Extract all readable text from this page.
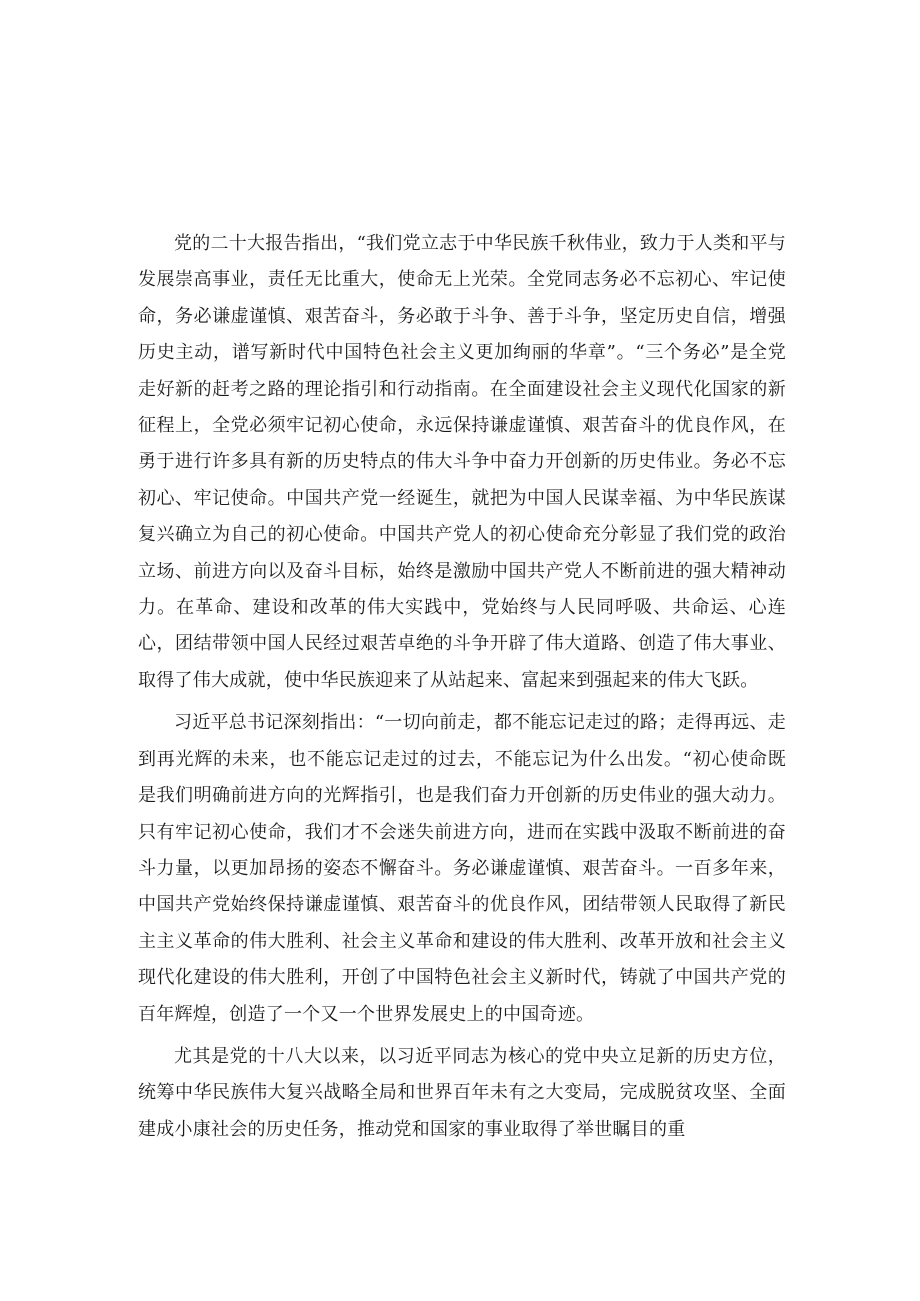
党的二十大报告指出，“我们党立志于中华民族千秋伟业，致力于人类和平与发展崇高事业，责任无比重大，使命无上光荣。全党同志务必不忘初心、牢记使命，务必谦虚谨慎、艰苦奋斗，务必敢于斗争、善于斗争，坚定历史自信，增强历史主动，谱写新时代中国特色社会主义更加绚丽的华章”。“三个务必”是全党走好新的赶考之路的理论指引和行动指南。在全面建设社会主义现代化国家的新征程上，全党必须牢记初心使命，永远保持谦虚谨慎、艰苦奋斗的优良作风，在勇于进行许多具有新的历史特点的伟大斗争中奋力开创新的历史伟业。务必不忘初心、牢记使命。中国共产党一经诞生，就把为中国人民谋幸福、为中华民族谋复兴确立为自己的初心使命。中国共产党人的初心使命充分彰显了我们党的政治立场、前进方向以及奋斗目标，始终是激励中国共产党人不断前进的强大精神动力。在革命、建设和改革的伟大实践中，党始终与人民同呼吸、共命运、心连心，团结带领中国人民经过艰苦卓绝的斗争开辟了伟大道路、创造了伟大事业、取得了伟大成就，使中华民族迎来了从站起来、富起来到强起来的伟大飞跃。

习近平总书记深刻指出：“一切向前走，都不能忘记走过的路；走得再远、走到再光辉的未来，也不能忘记走过的过去，不能忘记为什么出发。“初心使命既是我们明确前进方向的光辉指引，也是我们奋力开创新的历史伟业的强大动力。只有牢记初心使命，我们才不会迷失前进方向，进而在实践中汲取不断前进的奋斗力量，以更加昂扬的姿态不懈奋斗。务必谦虚谨慎、艰苦奋斗。一百多年来，中国共产党始终保持谦虚谨慎、艰苦奋斗的优良作风，团结带领人民取得了新民主主义革命的伟大胜利、社会主义革命和建设的伟大胜利、改革开放和社会主义现代化建设的伟大胜利，开创了中国特色社会主义新时代，铸就了中国共产党的百年辉煌，创造了一个又一个世界发展史上的中国奇迹。

尤其是党的十八大以来，以习近平同志为核心的党中央立足新的历史方位，统筹中华民族伟大复兴战略全局和世界百年未有之大变局，完成脱贫攻坚、全面建成小康社会的历史任务，推动党和国家的事业取得了举世瞩目的重
